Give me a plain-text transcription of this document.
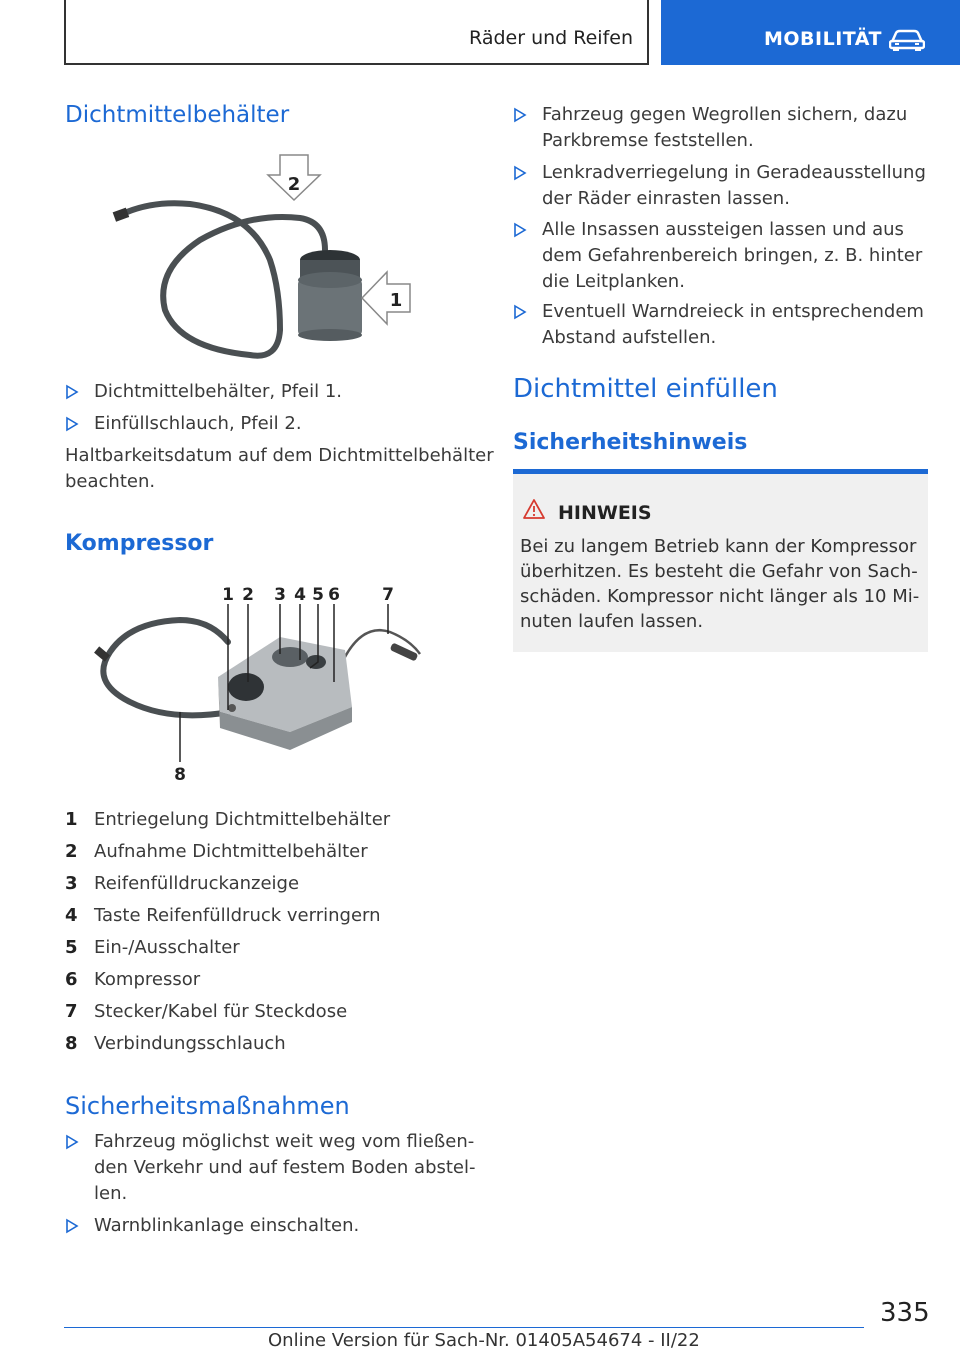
Räder und Reifen	MOBILITÄT
Dichtmittelbehälter
2
1
Dichtmittelbehälter, Pfeil 1.
Einfüllschlauch, Pfeil 2.
Haltbarkeitsdatum auf dem Dichtmittelbehälter
beachten.
Kompressor
1 2 3 4 5 6 7
8
1 Entriegelung Dichtmittelbehälter
2 Aufnahme Dichtmittelbehälter
3 Reifenfülldruckanzeige
4 Taste Reifenfülldruck verringern
5 Ein-/Ausschalter
6 Kompressor
7 Stecker/Kabel für Steckdose
8 Verbindungsschlauch
Sicherheitsmaßnahmen
Fahrzeug möglichst weit weg vom fließen-
den Verkehr und auf festem Boden abstel-
len.
Warnblinkanlage einschalten.
Fahrzeug gegen Wegrollen sichern, dazu
Parkbremse feststellen.
Lenkradverriegelung in Geradeausstellung
der Räder einrasten lassen.
Alle Insassen aussteigen lassen und aus
dem Gefahrenbereich bringen, z. B. hinter
die Leitplanken.
Eventuell Warndreieck in entsprechendem
Abstand aufstellen.
Dichtmittel einfüllen
Sicherheitshinweis
HINWEIS
Bei zu langem Betrieb kann der Kompressor
überhitzen. Es besteht die Gefahr von Sach-
schäden. Kompressor nicht länger als 10 Mi-
nuten laufen lassen.
335
Online Version für Sach-Nr. 01405A54674 - II/22
